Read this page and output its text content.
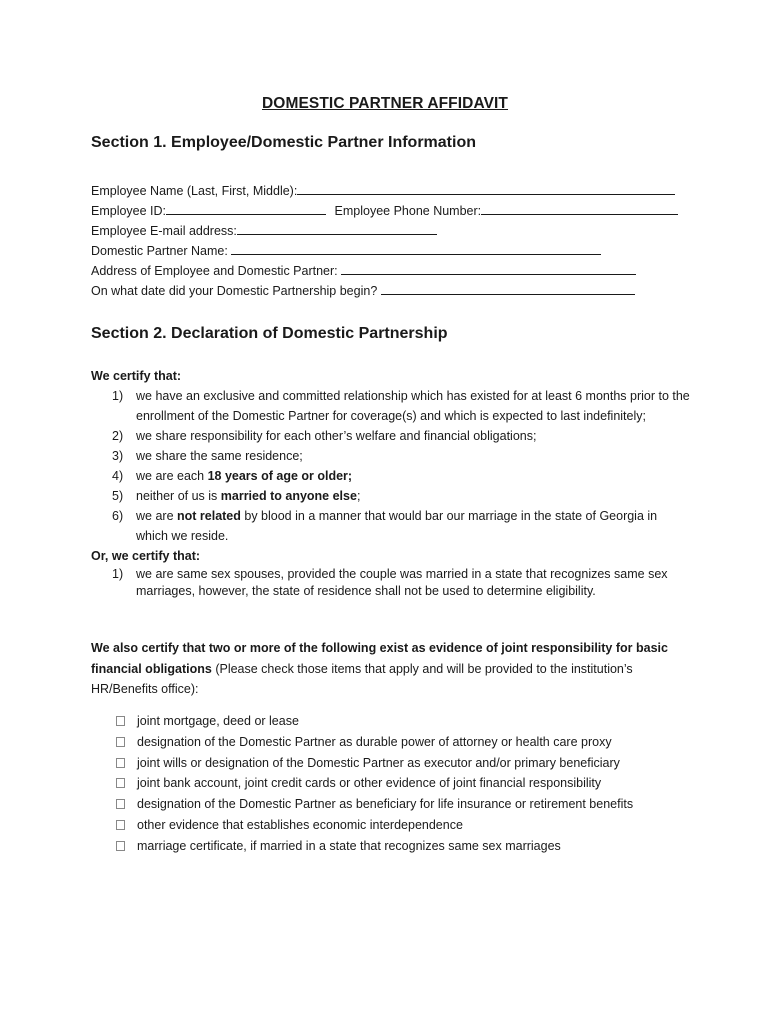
DOMESTIC PARTNER AFFIDAVIT
Section 1. Employee/Domestic Partner Information
Employee Name (Last, First, Middle):
Employee ID:	Employee Phone Number:
Employee E-mail address:
Domestic Partner Name:
Address of Employee and Domestic Partner:
On what date did your Domestic Partnership begin?
Section 2. Declaration of Domestic Partnership
We certify that:
1) we have an exclusive and committed relationship which has existed for at least 6 months prior to the enrollment of the Domestic Partner for coverage(s) and which is expected to last indefinitely;
2) we share responsibility for each other’s welfare and financial obligations;
3) we share the same residence;
4) we are each 18 years of age or older;
5) neither of us is married to anyone else;
6) we are not related by blood in a manner that would bar our marriage in the state of Georgia in which we reside.
Or, we certify that:
1) we are same sex spouses, provided the couple was married in a state that recognizes same sex marriages, however, the state of residence shall not be used to determine eligibility.
We also certify that two or more of the following exist as evidence of joint responsibility for basic financial obligations (Please check those items that apply and will be provided to the institution’s HR/Benefits office):
joint mortgage, deed or lease
designation of the Domestic Partner as durable power of attorney or health care proxy
joint wills or designation of the Domestic Partner as executor and/or primary beneficiary
joint bank account, joint credit cards or other evidence of joint financial responsibility
designation of the Domestic Partner as beneficiary for life insurance or retirement benefits
other evidence that establishes economic interdependence
marriage certificate, if married in a state that recognizes same sex marriages
